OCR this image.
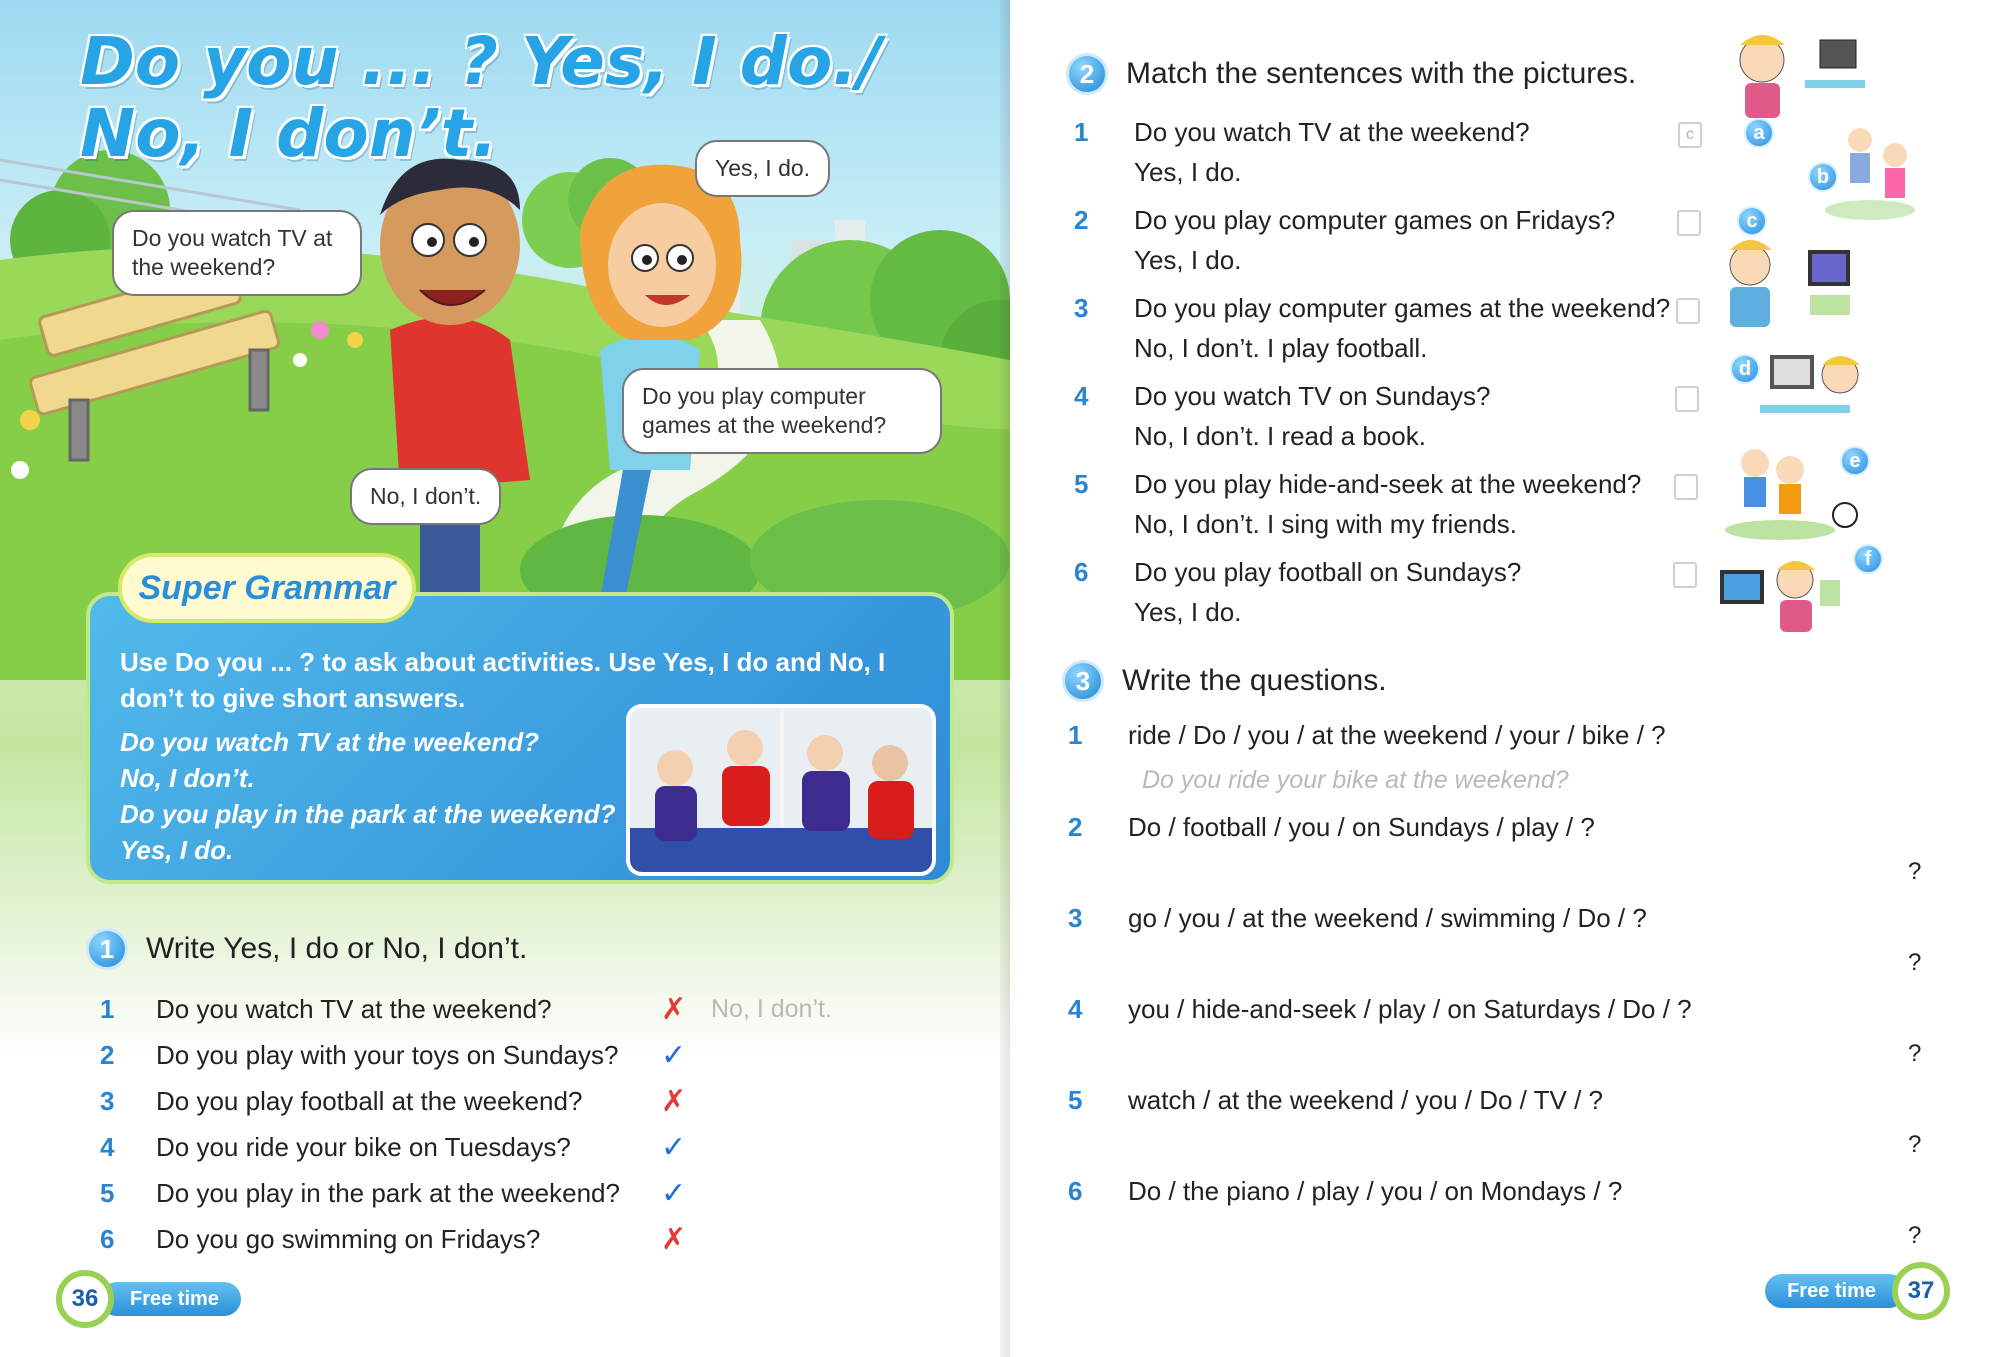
Do you ... ? Yes, I do./
No, I don’t.
Do you watch TV at the weekend?
Yes, I do.
Do you play computer games at the weekend?
No, I don’t.
Super Grammar
Use Do you ... ? to ask about activities. Use Yes, I do and No, I don’t to give short answers.
Do you watch TV at the weekend?
No, I don’t.
Do you play in the park at the weekend?
Yes, I do.
1	Write Yes, I do or No, I don’t.
1	Do you watch TV at the weekend?	✗ No, I don’t.
2	Do you play with your toys on Sundays?	✓
3	Do you play football at the weekend?	✗
4	Do you ride your bike on Tuesdays?	✓
5	Do you play in the park at the weekend?	✓
6	Do you go swimming on Fridays?	✗
36	Free time
2	Match the sentences with the pictures.
1 Do you watch TV at the weekend?
Yes, I do.
2 Do you play computer games on Fridays?
Yes, I do.
3 Do you play computer games at the weekend?
No, I don’t. I play football.
4 Do you watch TV on Sundays?
No, I don’t. I read a book.
5 Do you play hide-and-seek at the weekend?
No, I don’t. I sing with my friends.
6 Do you play football on Sundays?
Yes, I do.
c	a
b
c
d
e
f
3	Write the questions.
1 ride / Do / you / at the weekend / your / bike / ?
Do you ride your bike at the weekend?
2 Do / football / you / on Sundays / play / ?
?
3 go / you / at the weekend / swimming / Do / ?
?
4 you / hide-and-seek / play / on Saturdays / Do / ?
?
5 watch / at the weekend / you / Do / TV / ?
?
6 Do / the piano / play / you / on Mondays / ?
?
Free time	37
